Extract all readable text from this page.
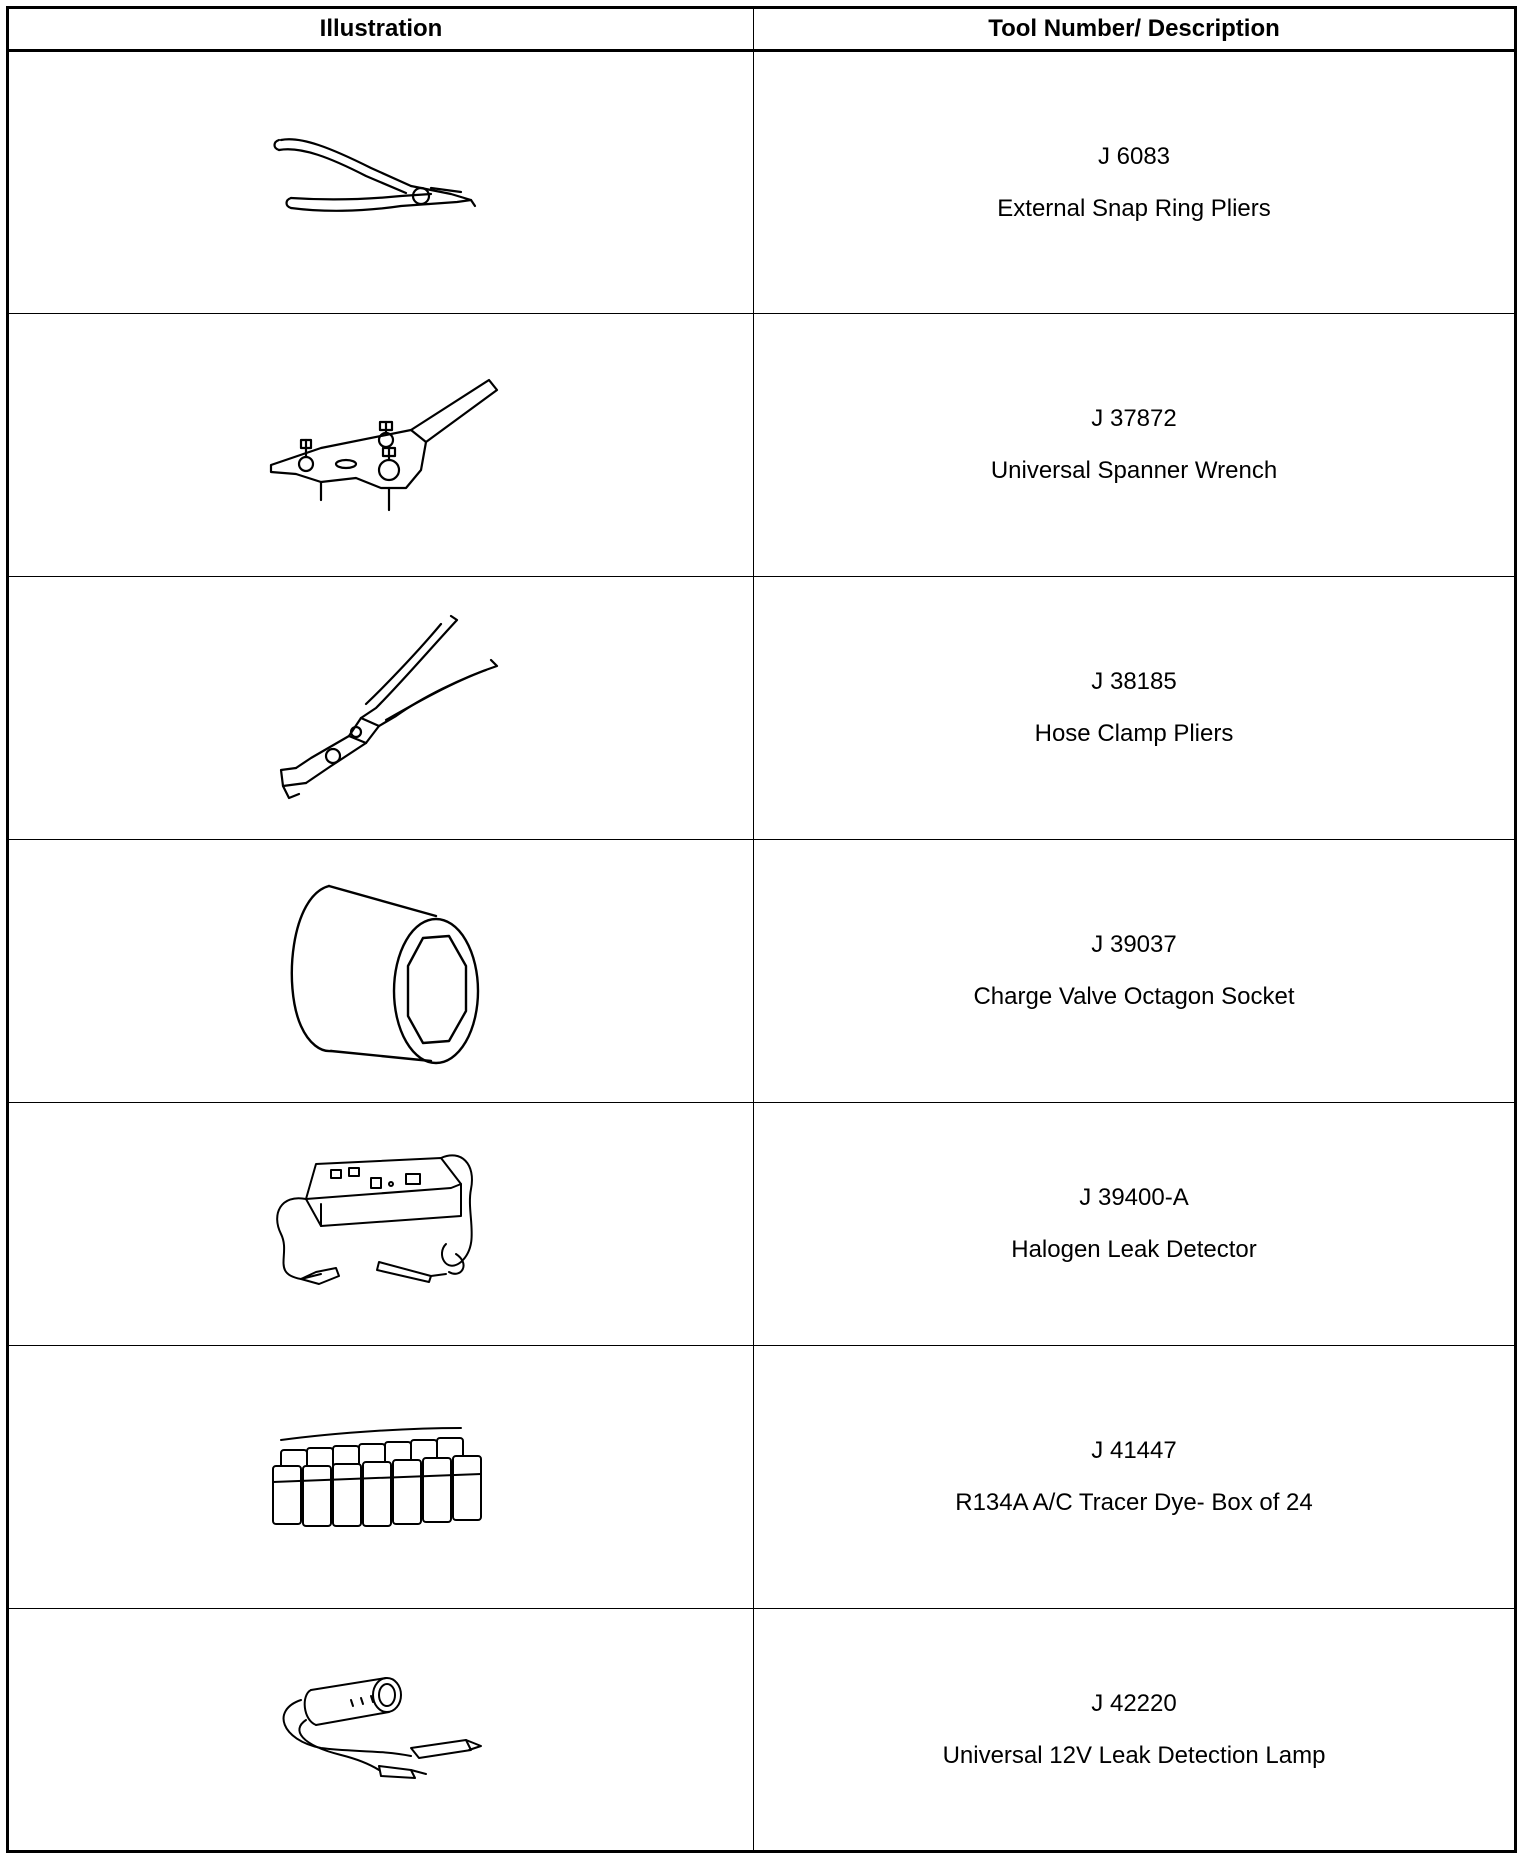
Illustration	Tool Number/ Description

J 6083
External Snap Ring Pliers

J 37872
Universal Spanner Wrench

J 38185
Hose Clamp Pliers

J 39037
Charge Valve Octagon Socket

J 39400-A
Halogen Leak Detector

J 41447
R134A A/C Tracer Dye- Box of 24

J 42220
Universal 12V Leak Detection Lamp
